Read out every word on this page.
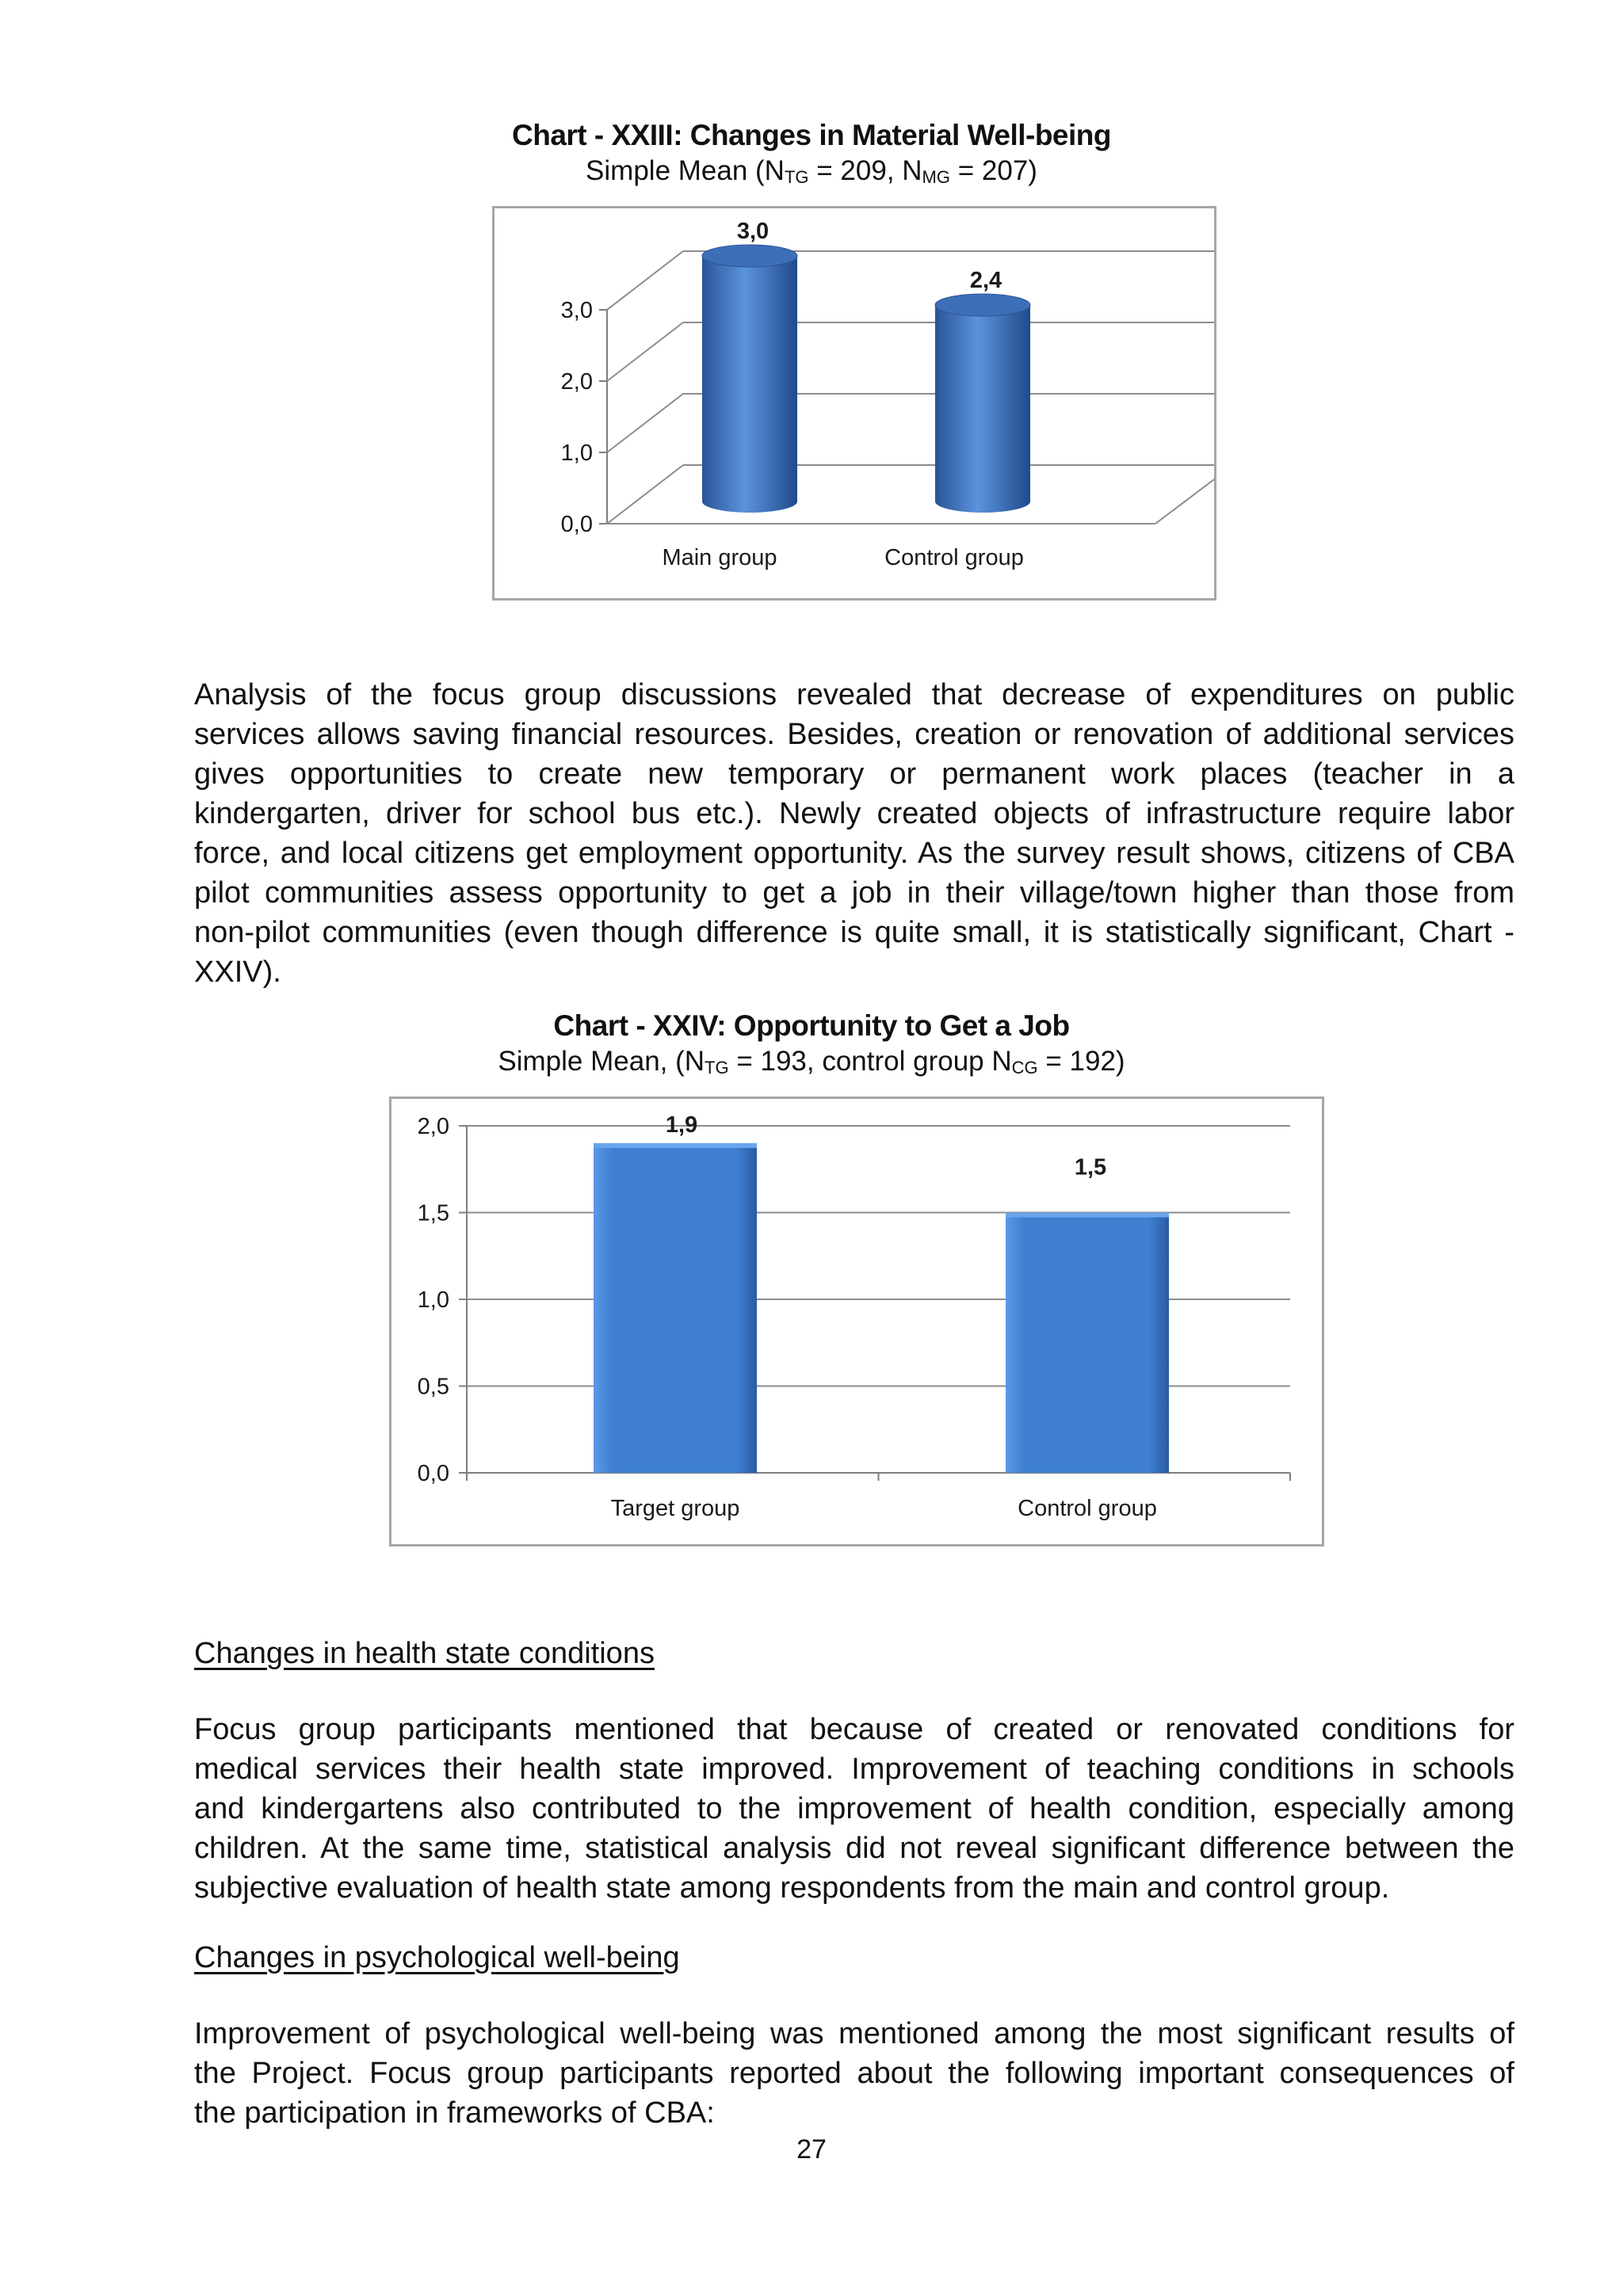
Chart - XXIII: Changes in Material Well-being
Simple Mean ($N_{TG} = 209$, $N_{MG} = 207$)
0,0
1,0
2,0
3,0
3,0
Main group
2,4
Control group
Analysis of the focus group discussions revealed that decrease of expenditures on public
services allows saving financial resources. Besides, creation or renovation of additional services
gives opportunities to create new temporary or permanent work places (teacher in a
kindergarten, driver for school bus etc.). Newly created objects of infrastructure require labor
force, and local citizens get employment opportunity. As the survey result shows, citizens of CBA
pilot communities assess opportunity to get a job in their village/town higher than those from
non-pilot communities (even though difference is quite small, it is statistically significant, Chart -
XXIV).
Chart - XXIV: Opportunity to Get a Job
Simple Mean, ($N_{TG} = 193$, control group $N_{CG} = 192$)
0,0
0,5
1,0
1,5
2,0	1,9
Target group
1,5
Control group
Changes in health state conditions
Focus group participants mentioned that because of created or renovated conditions for
medical services their health state improved. Improvement of teaching conditions in schools
and kindergartens also contributed to the improvement of health condition, especially among
children. At the same time, statistical analysis did not reveal significant difference between the
subjective evaluation of health state among respondents from the main and control group.
Changes in psychological well-being
Improvement of psychological well-being was mentioned among the most significant results of
the Project. Focus group participants reported about the following important consequences of
the participation in frameworks of CBA:
27
